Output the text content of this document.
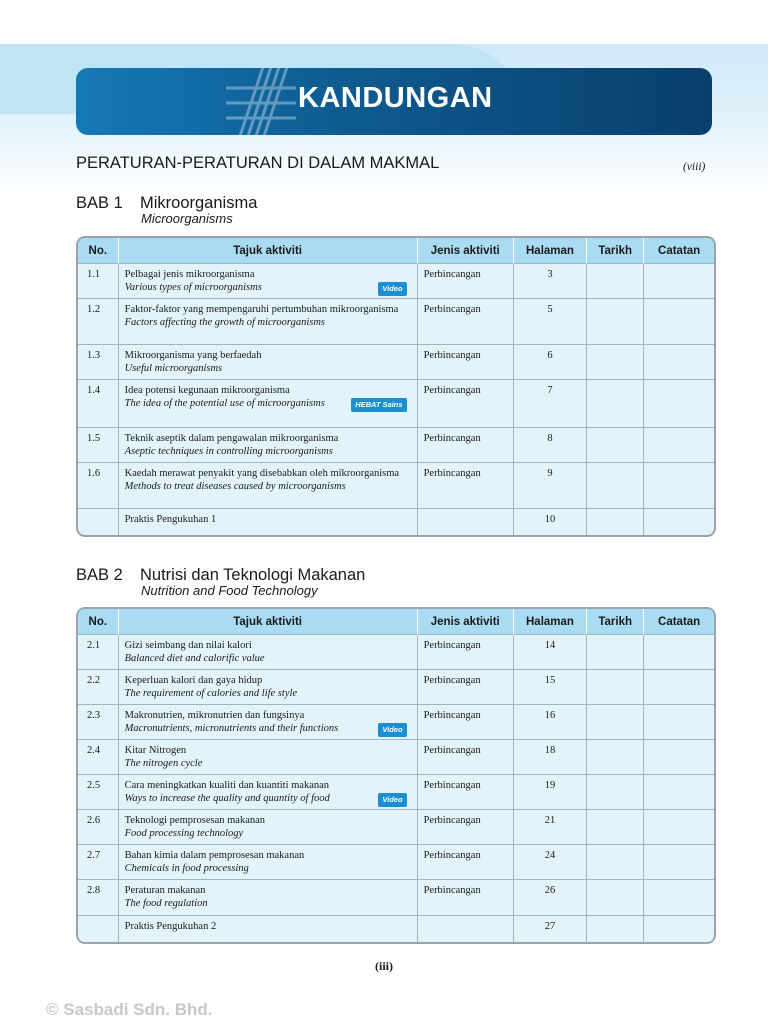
KANDUNGAN
PERATURAN-PERATURAN DI DALAM MAKMAL	(viii)
BAB 1 Mikroorganisma
Microorganisms
No.	Tajuk aktiviti	Jenis aktiviti	Halaman	Tarikh	Catatan
1.1	Pelbagai jenis mikroorganisma
Various types of microorganisms Video	Perbincangan	3		
1.2	Faktor-faktor yang mempengaruhi pertumbuhan mikroorganisma
Factors affecting the growth of microorganisms	Perbincangan	5		
1.3	Mikroorganisma yang berfaedah
Useful microorganisms	Perbincangan	6		
1.4	Idea potensi kegunaan mikroorganisma
The idea of the potential use of microorganisms HEBAT Sains	Perbincangan	7		
1.5	Teknik aseptik dalam pengawalan mikroorganisma
Aseptic techniques in controlling microorganisms	Perbincangan	8		
1.6	Kaedah merawat penyakit yang disebabkan oleh mikroorganisma
Methods to treat diseases caused by microorganisms	Perbincangan	9		

	Praktis Pengukuhan 1		10		
BAB 2 Nutrisi dan Teknologi Makanan
Nutrition and Food Technology
No.	Tajuk aktiviti	Jenis aktiviti	Halaman	Tarikh	Catatan
2.1	Gizi seimbang dan nilai kalori
Balanced diet and calorific value	Perbincangan	14		
2.2	Keperluan kalori dan gaya hidup
The requirement of calories and life style	Perbincangan	15		
2.3	Makronutrien, mikronutrien dan fungsinya
Macronutrients, micronutrients and their functions Video	Perbincangan	16		
2.4	Kitar Nitrogen
The nitrogen cycle	Perbincangan	18		
2.5	Cara meningkatkan kualiti dan kuantiti makanan
Ways to increase the quality and quantity of food Video	Perbincangan	19		
2.6	Teknologi pemprosesan makanan
Food processing technology	Perbincangan	21		
2.7	Bahan kimia dalam pemprosesan makanan
Chemicals in food processing	Perbincangan	24		
2.8	Peraturan makanan
The food regulation	Perbincangan	26		

	Praktis Pengukuhan 2		27		
(iii)
© Sasbadi Sdn. Bhd.
